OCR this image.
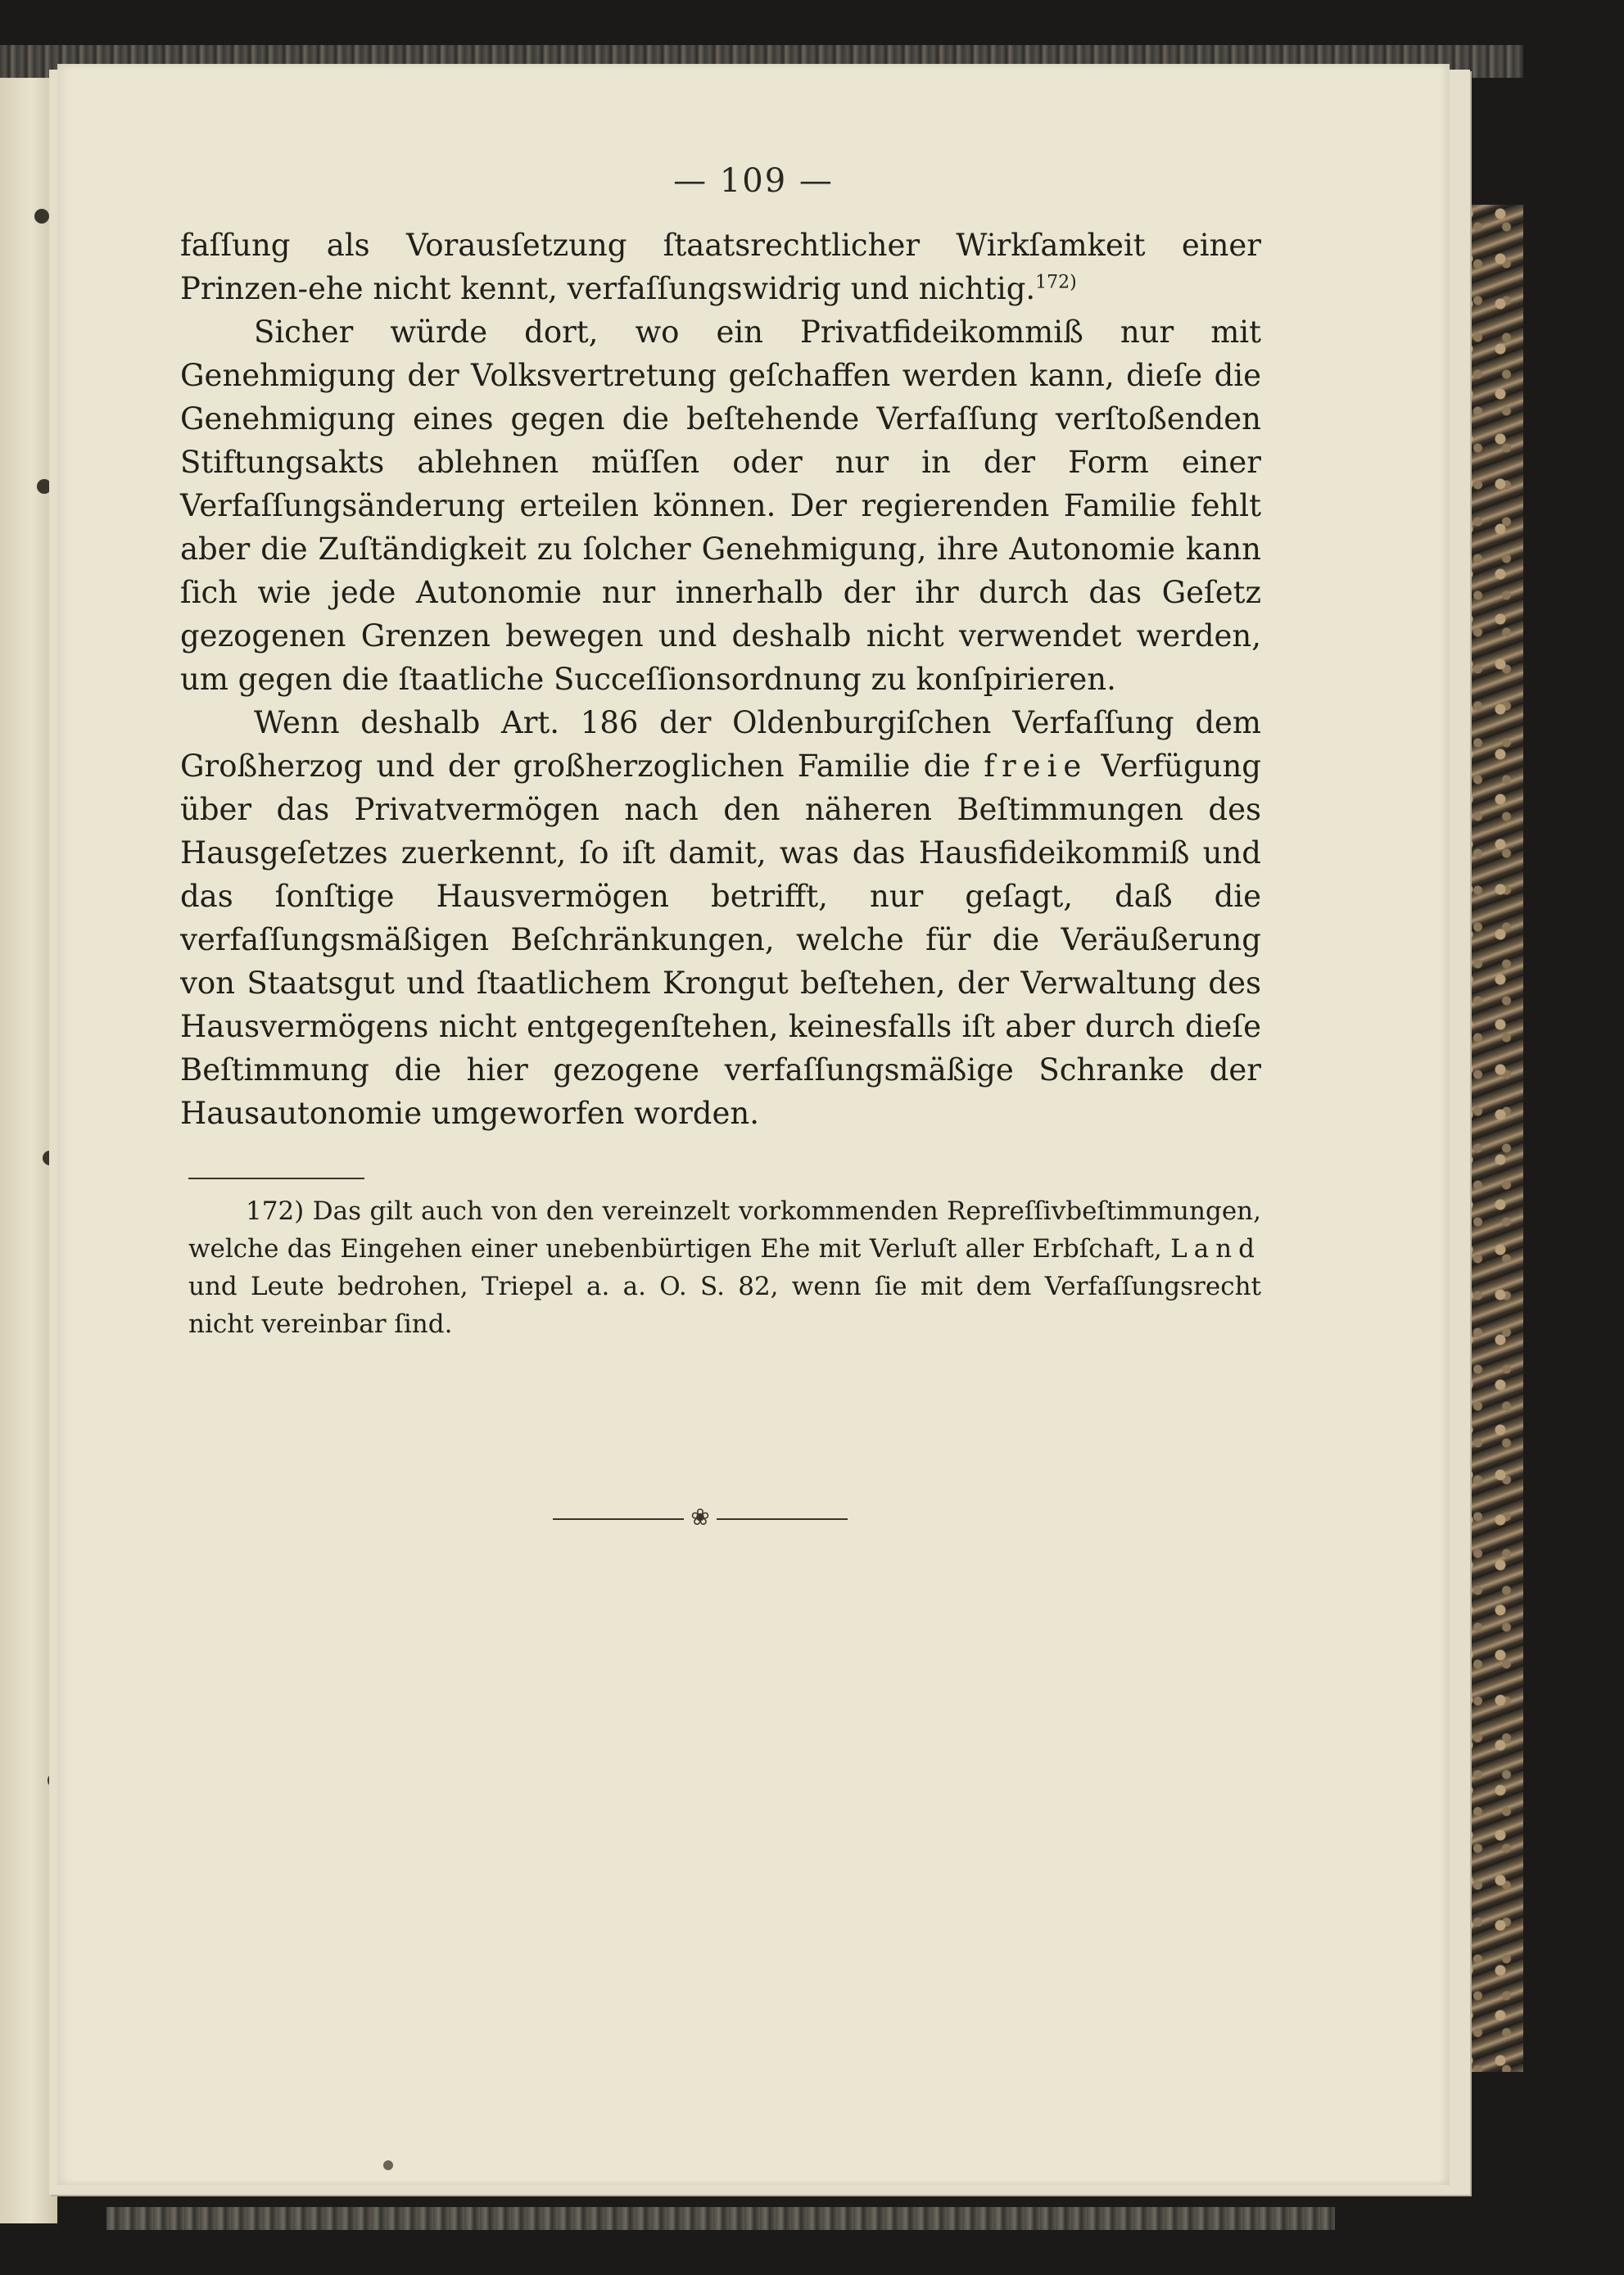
— 109 —

faſſung als Vorausſetzung ſtaatsrechtlicher Wirkſamkeit einer Prinzen-ehe nicht kennt, verfaſſungswidrig und nichtig.$^{172)}$

Sicher würde dort, wo ein Privatfideikommiß nur mit Genehmigung der Volksvertretung geſchaffen werden kann, dieſe die Genehmigung eines gegen die beſtehende Verfaſſung verſtoßenden Stiftungsakts ablehnen müſſen oder nur in der Form einer Verfaſſungsänderung erteilen können. Der regierenden Familie fehlt aber die Zuſtändigkeit zu ſolcher Genehmigung, ihre Autonomie kann ſich wie jede Autonomie nur innerhalb der ihr durch das Geſetz gezogenen Grenzen bewegen und deshalb nicht verwendet werden, um gegen die ſtaatliche Succeſſionsordnung zu konſpirieren.

Wenn deshalb Art. 186 der Oldenburgiſchen Verfaſſung dem Großherzog und der großherzoglichen Familie die freie Verfügung über das Privatvermögen nach den näheren Beſtimmungen des Hausgeſetzes zuerkennt, ſo iſt damit, was das Hausfideikommiß und das ſonſtige Hausvermögen betrifft, nur geſagt, daß die verfaſſungsmäßigen Beſchränkungen, welche für die Veräußerung von Staatsgut und ſtaatlichem Krongut beſtehen, der Verwaltung des Hausvermögens nicht entgegenſtehen, keinesfalls iſt aber durch dieſe Beſtimmung die hier gezogene verfaſſungsmäßige Schranke der Hausautonomie umgeworfen worden.

172) Das gilt auch von den vereinzelt vorkommenden Repreſſivbeſtimmungen, welche das Eingehen einer unebenbürtigen Ehe mit Verluſt aller Erbſchaft, Land und Leute bedrohen, Triepel a. a. O. S. 82, wenn ſie mit dem Verfaſſungsrecht nicht vereinbar ſind.
❀
